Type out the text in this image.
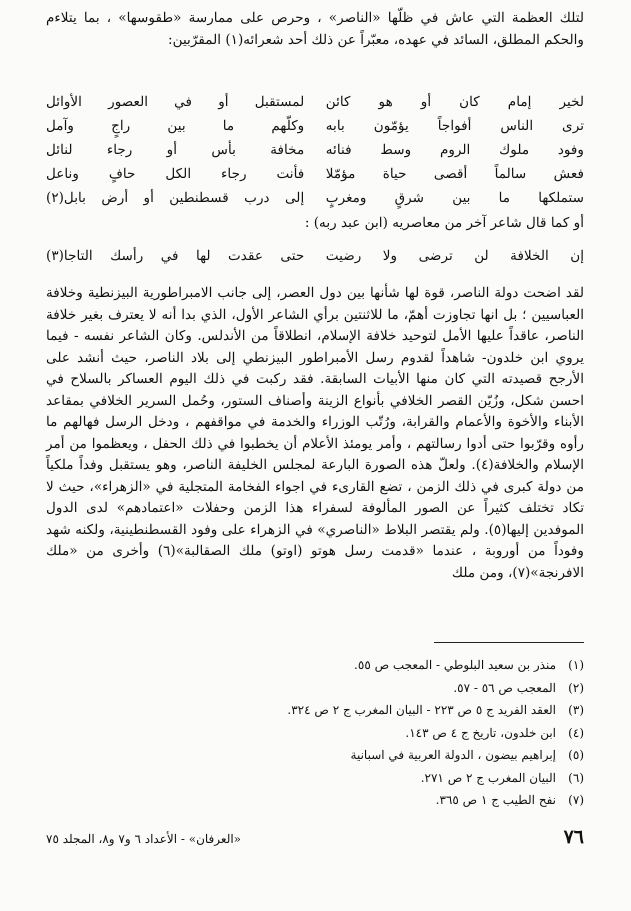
لتلك العظمة التي عاش في ظلّها «الناصر» ، وحرص على ممارسة «طقوسها» ، بما يتلاءم والحكم المطلق، السائد في عهده، معبّراً عن ذلك أحد شعرائه(١) المقرّبين:

لخير إمام كان أو هو كائن
لمستقبل أو في العصور الأوائل
ترى الناس أفواجاً يؤمّون بابه
وكلّهم ما بين راجٍ وآمل
وفود ملوك الروم وسط فنائه
مخافة بأس أو رجاء لنائل
فعش سالماً أقصى حياة مؤمّلا
فأنت رجاء الكل حافٍ وناعل
ستملكها ما بين شرقٍ ومغربٍ
إلى درب قسطنطين أو أرض بابل(٢)
أو كما قال شاعر آخر من معاصريه (ابن عبد ربه) :
إن الخلافة لن ترضى ولا رضيت
حتى عقدت لها في رأسك التاجا(٣)

لقد اضحت دولة الناصر، قوة لها شأنها بين دول العصر، إلى جانب الامبراطورية البيزنطية وخلافة العباسيين ؛ بل انها تجاوزت أهمّ، ما للاثنتين برأي الشاعر الأول، الذي بدا أنه لا يعترف بغير خلافة الناصر، عاقداً عليها الأمل لتوحيد خلافة الإسلام، انطلاقاً من الأندلس. وكان الشاعر نفسه - فيما يروي ابن خلدون- شاهداً لقدوم رسل الأمبراطور البيزنطي إلى بلاد الناصر، حيث أنشد على الأرجح قصيدته التي كان منها الأبيات السابقة. فقد ركبت في ذلك اليوم العساكر بالسلاح في احسن شكل، وزُيّن القصر الخلافي بأنواع الزينة وأصناف الستور، وحُمل السرير الخلافي بمقاعد الأبناء والأخوة والأعمام والقرابة، ورُتّب الوزراء والخدمة في مواقفهم ، ودخل الرسل فهالهم ما رأوه وقرّبوا حتى أدوا رسالتهم ، وأمر يومئذ الأعلام أن يخطبوا في ذلك الحفل ، ويعظموا من أمر الإسلام والخلافة(٤). ولعلّ هذه الصورة البارعة لمجلس الخليفة الناصر، وهو يستقبل وفداً ملكياً من دولة كبرى في ذلك الزمن ، تضع القارىء في اجواء الفخامة المتجلية في «الزهراء»، حيث لا تكاد تختلف كثيراً عن الصور المألوفة لسفراء هذا الزمن وحفلات «اعتمادهم» لدى الدول الموفدين إليها(٥). ولم يقتصر البلاط «الناصري» في الزهراء على وفود القسطنطينية، ولكنه شهد وفوداً من أوروبة ، عندما «قدمت رسل هوتو (اوتو) ملك الصقالبة»(٦) وأخرى من «ملك الافرنجة»(٧)، ومن ملك

(١)
منذر بن سعيد البلوطي - المعجب ص ٥٥.
(٢)
المعجب ص ٥٦ - ٥٧.
(٣)
العقد الفريد ج ٥ ص ٢٢٣ - البيان المغرب ج ٢ ص ٣٢٤.
(٤)
ابن خلدون، تاريخ ج ٤ ص ١٤٣.
(٥)
إبراهيم بيضون ، الدولة العربية في اسبانية
(٦)
البيان المغرب ج ٢ ص ٢٧١.
(٧)
نفح الطيب ج ١ ص ٣٦٥.
٧٦
«العرفان» - الأعداد ٦ و٧ و٨، المجلد ٧٥
